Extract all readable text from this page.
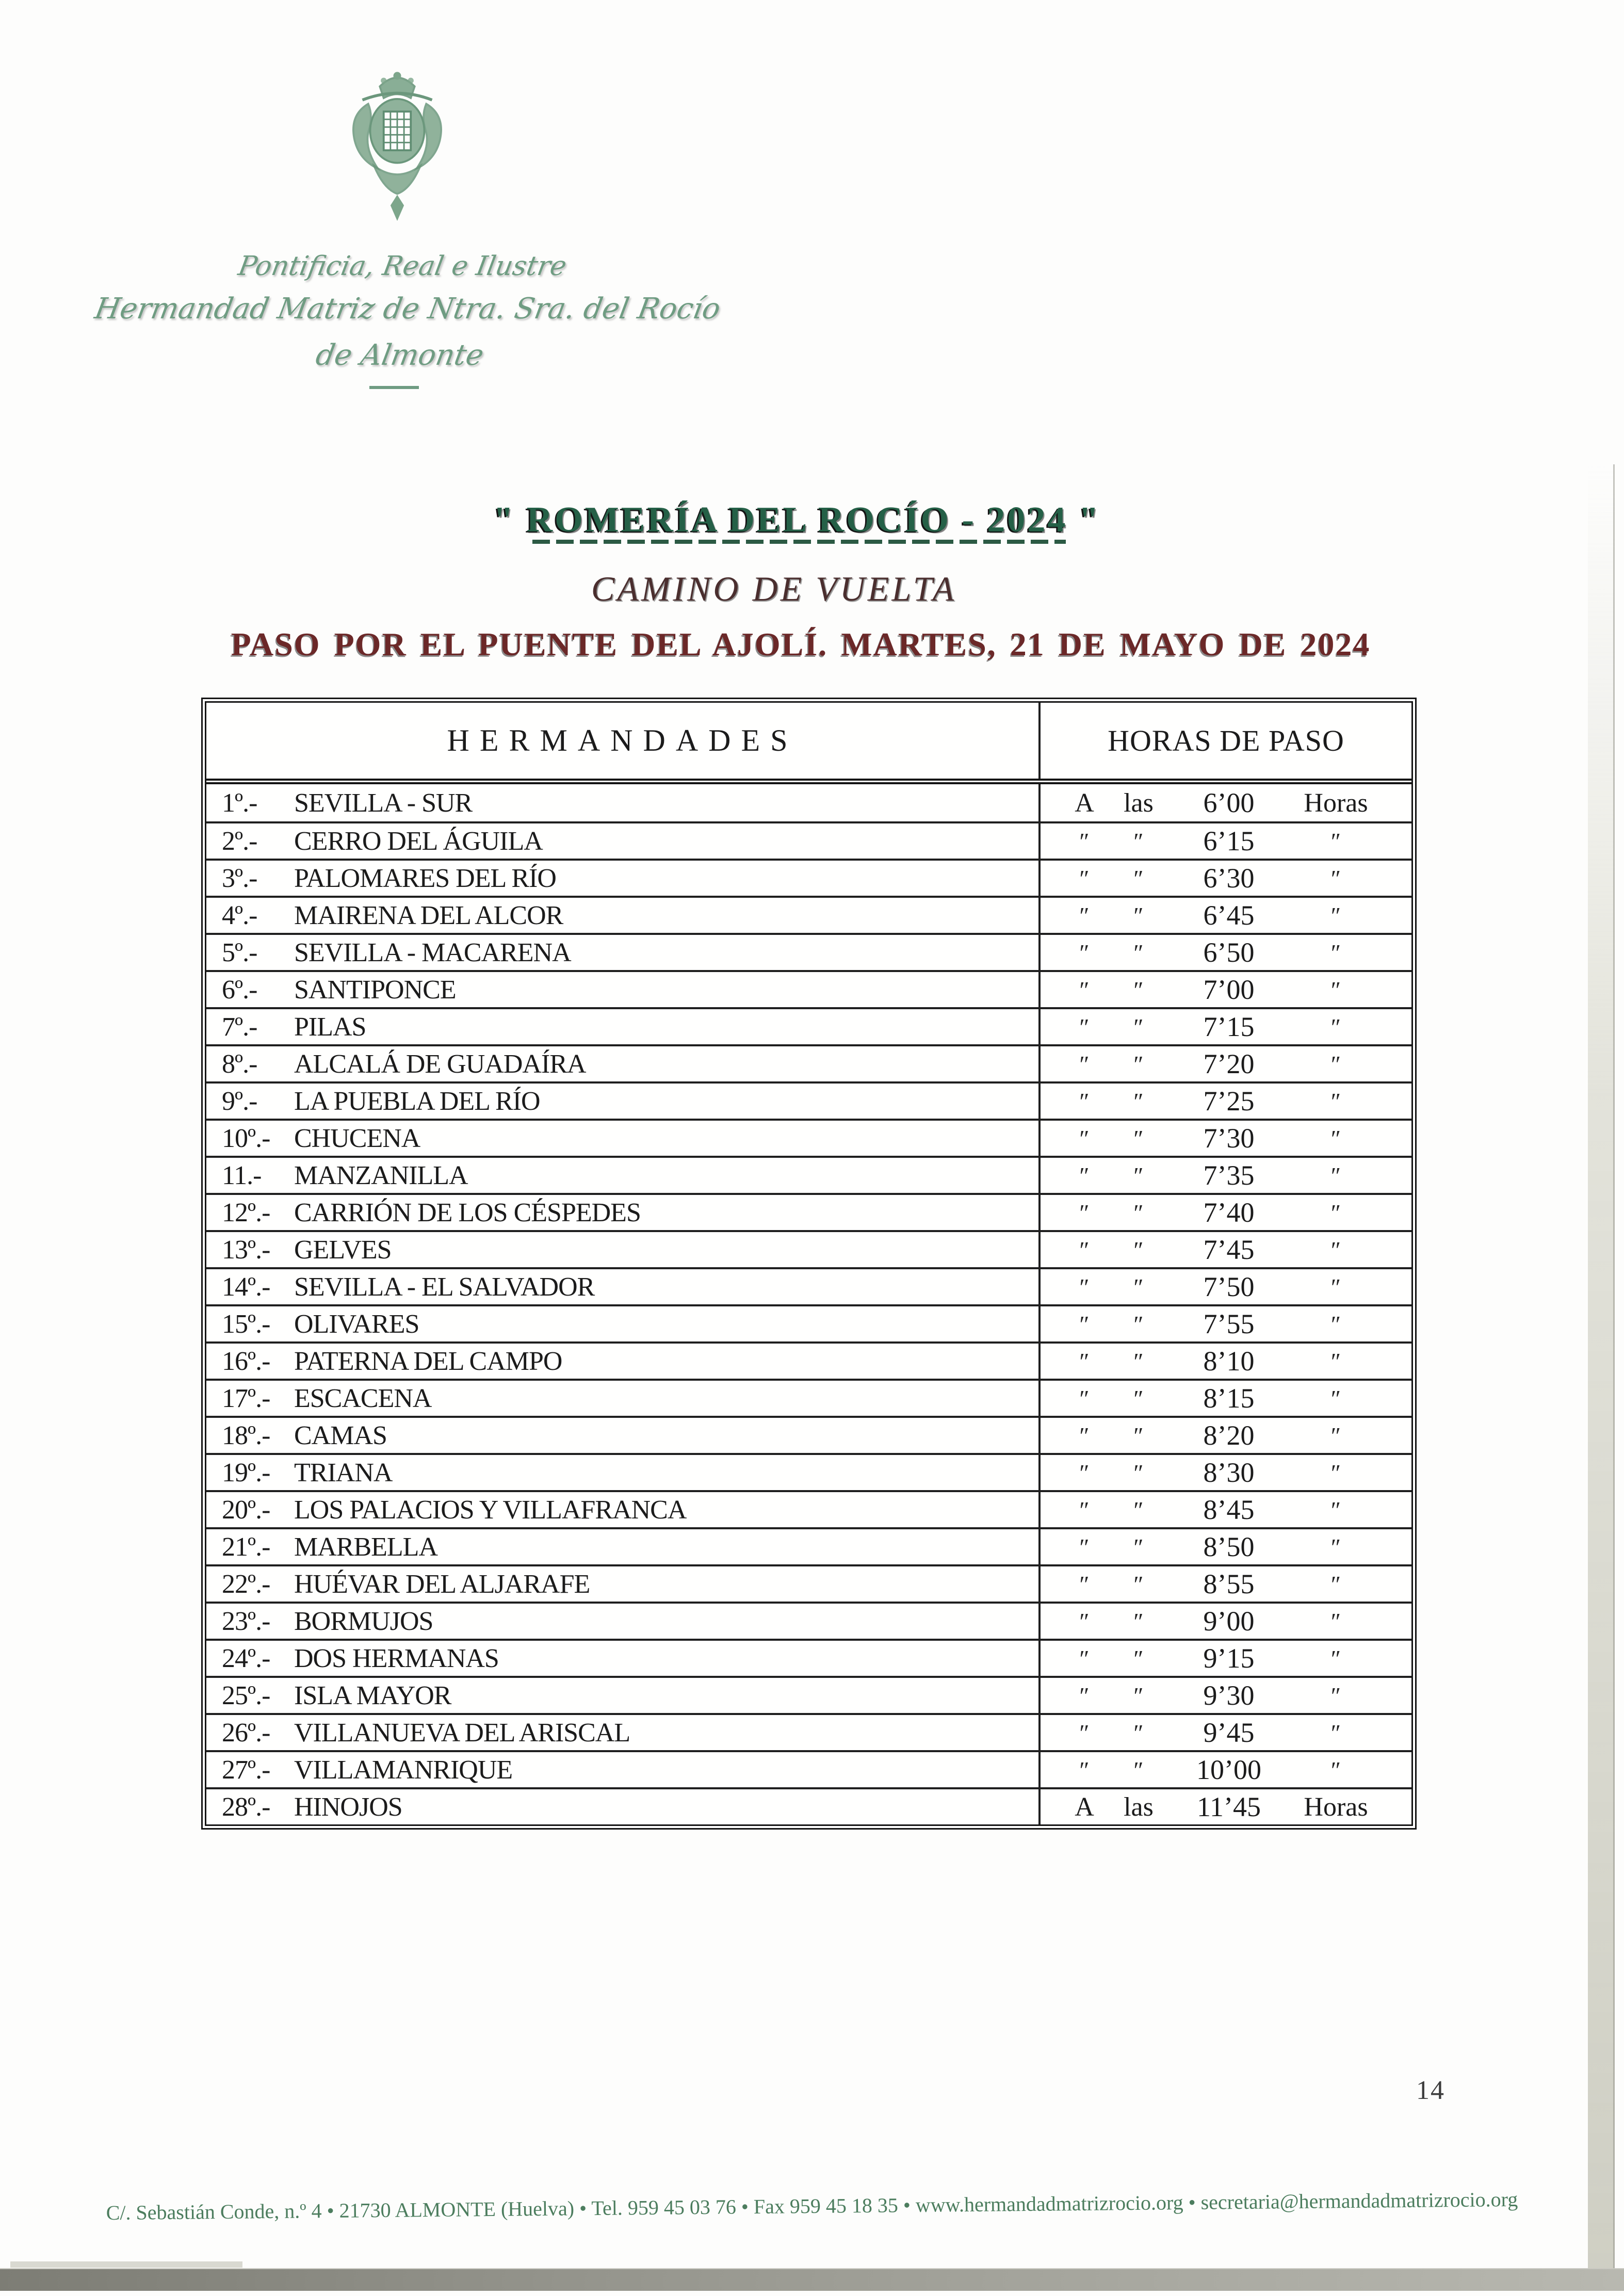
Pontificia, Real e Ilustre
Hermandad Matriz de Ntra. Sra. del Rocío
de Almonte
" ROMERÍA DEL ROCÍO - 2024 "
CAMINO DE VUELTA
PASO POR EL PUENTE DEL AJOLÍ. MARTES, 21 DE MAYO DE 2024
HERMANDADES	HORAS DE PASO
1º.-	SEVILLA - SUR	A	las	6’00	Horas
2º.-	CERRO DEL ÁGUILA	″	″	6’15	″
3º.-	PALOMARES DEL RÍO	″	″	6’30	″
4º.-	MAIRENA DEL ALCOR	″	″	6’45	″
5º.-	SEVILLA - MACARENA	″	″	6’50	″
6º.-	SANTIPONCE	″	″	7’00	″
7º.-	PILAS	″	″	7’15	″
8º.-	ALCALÁ DE GUADAÍRA	″	″	7’20	″
9º.-	LA PUEBLA DEL RÍO	″	″	7’25	″
10º.- CHUCENA	″	″	7’30	″
11.-	MANZANILLA	″	″	7’35	″
12º.- CARRIÓN DE LOS CÉSPEDES	″	″	7’40	″
13º.- GELVES	″	″	7’45	″
14º.- SEVILLA - EL SALVADOR	″	″	7’50	″
15º.- OLIVARES	″	″	7’55	″
16º.- PATERNA DEL CAMPO	″	″	8’10	″
17º.- ESCACENA	″	″	8’15	″
18º.- CAMAS	″	″	8’20	″
19º.- TRIANA	″	″	8’30	″
20º.- LOS PALACIOS Y VILLAFRANCA	″	″	8’45	″
21º.- MARBELLA	″	″	8’50	″
22º.- HUÉVAR DEL ALJARAFE	″	″	8’55	″
23º.- BORMUJOS	″	″	9’00	″
24º.- DOS HERMANAS	″	″	9’15	″
25º.- ISLA MAYOR	″	″	9’30	″
26º.- VILLANUEVA DEL ARISCAL	″	″	9’45	″
27º.- VILLAMANRIQUE	″	″	10’00	″
28º.- HINOJOS	A	las	11’45	Horas
14
C/. Sebastián Conde, n.º 4 • 21730 ALMONTE (Huelva) • Tel. 959 45 03 76 • Fax 959 45 18 35 • www.hermandadmatrizrocio.org • secretaria@hermandadmatrizrocio.org
